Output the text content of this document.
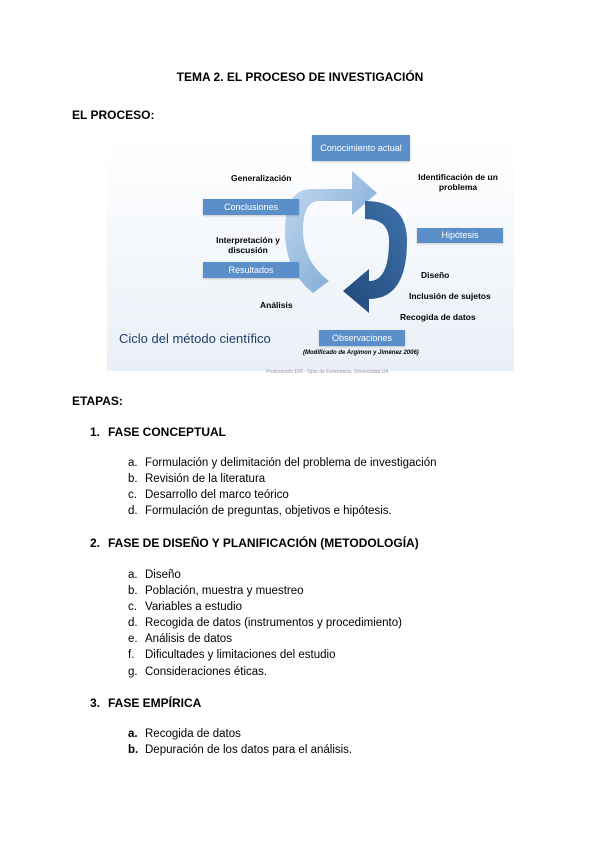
TEMA 2. EL PROCESO DE INVESTIGACIÓN
EL PROCESO:
Conocimiento actual
Conclusiones
Hipótesis
Resultados
Observaciones
Generalización	Identificación de un problema
Interpretación y discusión
Diseño
Inclusión de sujetos
Recogida de datos
Análisis
Ciclo del método científico
(Modificado de Argimon y Jiménez 2006)
Profesorado EIR - Dpto de Enfermería, Universidad UA
ETAPAS:
1. FASE CONCEPTUAL
a. Formulación y delimitación del problema de investigación
b. Revisión de la literatura
c. Desarrollo del marco teórico
d. Formulación de preguntas, objetivos e hipótesis.
2. FASE DE DISEÑO Y PLANIFICACIÓN (METODOLOGÍA)
a. Diseño
b. Población, muestra y muestreo
c. Variables a estudio
d. Recogida de datos (instrumentos y procedimiento)
e. Análisis de datos
f. Dificultades y limitaciones del estudio
g. Consideraciones éticas.
3. FASE EMPÍRICA
a. Recogida de datos
b. Depuración de los datos para el análisis.
